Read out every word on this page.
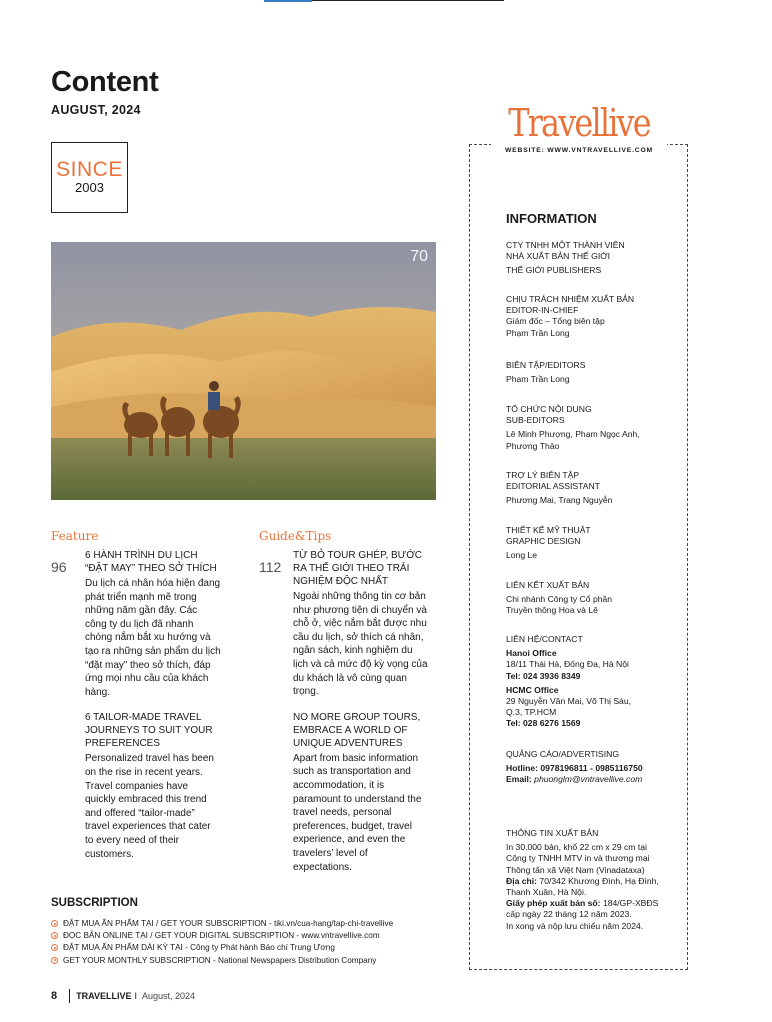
Content
AUGUST, 2024
SINCE
2003
70
Feature
96
6 HÀNH TRÌNH DU LỊCH “ĐẶT MAY” THEO SỞ THÍCH
Du lịch cá nhân hóa hiện đang phát triển mạnh mẽ trong những năm gần đây. Các công ty du lịch đã nhanh chóng nắm bắt xu hướng và tạo ra những sản phẩm du lịch “đặt may” theo sở thích, đáp ứng mọi nhu cầu của khách hàng.
6 TAILOR-MADE TRAVEL JOURNEYS TO SUIT YOUR PREFERENCES
Personalized travel has been on the rise in recent years. Travel companies have quickly embraced this trend and offered “tailor-made” travel experiences that cater to every need of their customers.
Guide&Tips
112
TỪ BỎ TOUR GHÉP, BƯỚC RA THẾ GIỚI THEO TRẢI NGHIỆM ĐỘC NHẤT
Ngoài những thông tin cơ bản như phương tiện di chuyển và chỗ ở, việc nắm bắt được nhu cầu du lịch, sở thích cá nhân, ngân sách, kinh nghiệm du lịch và cả mức độ kỳ vọng của du khách là vô cùng quan trọng.
NO MORE GROUP TOURS, EMBRACE A WORLD OF UNIQUE ADVENTURES
Apart from basic information such as transportation and accommodation, it is paramount to understand the travel needs, personal preferences, budget, travel experience, and even the travelers’ level of expectations.
SUBSCRIPTION
ĐẶT MUA ẤN PHẨM TẠI / GET YOUR SUBSCRIPTION - tiki.vn/cua-hang/tap-chi-travellive
ĐỌC BẢN ONLINE TẠI / GET YOUR DIGITAL SUBSCRIPTION - www.vntravellive.com
ĐẶT MUA ẤN PHẨM DÀI KỲ TẠI - Công ty Phát hành Báo chí Trung Ương
GET YOUR MONTHLY SUBSCRIPTION - National Newspapers Distribution Company
8 TRAVELLIVE I August, 2024
Travellive
WEBSITE: WWW.VNTRAVELLIVE.COM
INFORMATION
CTY TNHH MỘT THÀNH VIÊN
NHÀ XUẤT BẢN THẾ GIỚI
THẾ GIỚI PUBLISHERS
CHỊU TRÁCH NHIỆM XUẤT BẢN
EDITOR-IN-CHIEF
Giám đốc – Tổng biên tập
Phạm Trần Long
BIÊN TẬP/EDITORS
Phạm Trần Long
TỔ CHỨC NỘI DUNG
SUB-EDITORS
Lê Minh Phượng, Phạm Ngọc Anh,
Phương Thảo
TRỢ LÝ BIÊN TẬP
EDITORIAL ASSISTANT
Phương Mai, Trang Nguyễn
THIẾT KẾ MỸ THUẬT
GRAPHIC DESIGN
Long Le
LIÊN KẾT XUẤT BẢN
Chi nhánh Công ty Cổ phần
Truyền thông Hoa và Lê
LIÊN HỆ/CONTACT
Hanoi Office
18/11 Thái Hà, Đống Đa, Hà Nội
Tel: 024 3936 8349
HCMC Office
29 Nguyễn Văn Mai, Võ Thị Sáu,
Q.3, TP.HCM
Tel: 028 6276 1569
QUẢNG CÁO/ADVERTISING
Hotline: 0978196811 - 0985116750
Email: phuonglm@vntravellive.com
THÔNG TIN XUẤT BẢN
In 30.000 bản, khổ 22 cm x 29 cm tại
Công ty TNHH MTV in và thương mại
Thông tấn xã Việt Nam (Vinadataxa)
Địa chỉ: 70/342 Khương Đình, Hạ Đình,
Thanh Xuân, Hà Nội.
Giấy phép xuất bản số: 184/GP-XBĐS
cấp ngày 22 tháng 12 năm 2023.
In xong và nộp lưu chiểu năm 2024.
